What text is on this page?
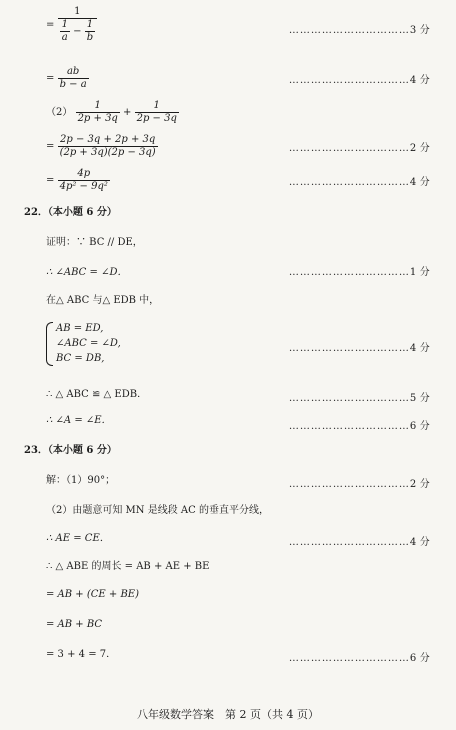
=
1
$\frac{1}{a} - \frac{1}{b}$	……………………………3 分
= $\frac{ab}{b - a}$	……………………………4 分
$(2) \frac{1}{2p + 3q} + \frac{1}{2p - 3q}$
= $\frac{2p - 3q + 2p + 3q}{(2p + 3q)(2p - 3q)}$	……………………………2 分
= $\frac{4p}{\text{4p² − 9q²}}$	……………………………4 分
22．（本小题 6 分）
证明：∵ BC // DE，
∴ ∠ABC = ∠D．	……………………………1 分
在△ ABC 与△ EDB 中，
AB = ED,
∠ABC = ∠D,
BC = DB,
……………………………4 分
∴ △ ABC ≌ △ EDB．	……………………………5 分
∴ ∠A = ∠E．
……………………………6 分
23．（本小题 6 分）
解：（1）90°；	……………………………2 分
（2）由题意可知 MN 是线段 AC 的垂直平分线，
∴ AE = CE．	……………………………4 分
∴ △ ABE 的周长 = AB + AE + BE
= AB + (CE + BE)
= AB + BC
= 3 + 4 = 7．	……………………………6 分
八年级数学答案　第 2 页（共 4 页）
